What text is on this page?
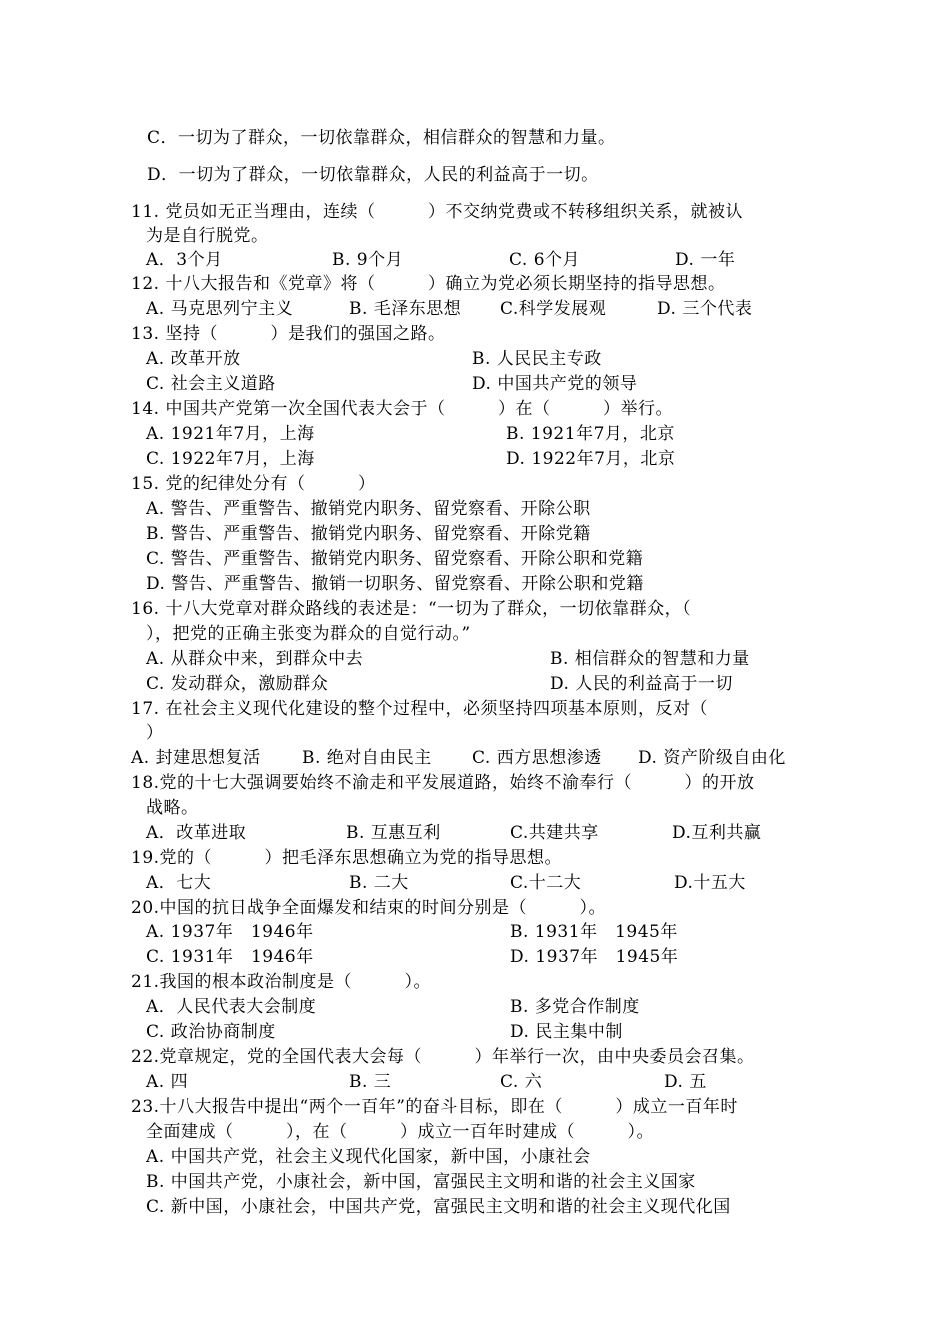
C．一切为了群众，一切依靠群众，相信群众的智慧和力量。
D．一切为了群众，一切依靠群众，人民的利益高于一切。
11. 党员如无正当理由，连续（　　　）不交纳党费或不转移组织关系，就被认
为是自行脱党。
A．3个月	B. 9个月	C. 6个月	D. 一年
12. 十八大报告和《党章》将（　　　）确立为党必须长期坚持的指导思想。
A. 马克思列宁主义	B. 毛泽东思想 C.科学发展观	D. 三个代表
13. 坚持（　　　）是我们的强国之路。
A. 改革开放	B. 人民民主专政
C. 社会主义道路	D. 中国共产党的领导
14. 中国共产党第一次全国代表大会于（　　　）在（　　　）举行。
A. 1921年7月，上海	B. 1921年7月，北京
C. 1922年7月，上海	D. 1922年7月，北京
15. 党的纪律处分有（　　　）
A. 警告、严重警告、撤销党内职务、留党察看、开除公职
B. 警告、严重警告、撤销党内职务、留党察看、开除党籍
C. 警告、严重警告、撤销党内职务、留党察看、开除公职和党籍
D. 警告、严重警告、撤销一切职务、留党察看、开除公职和党籍
16. 十八大党章对群众路线的表述是：“一切为了群众，一切依靠群众，（
），把党的正确主张变为群众的自觉行动。”
A. 从群众中来，到群众中去	B. 相信群众的智慧和力量
C. 发动群众，激励群众	D. 人民的利益高于一切
17. 在社会主义现代化建设的整个过程中，必须坚持四项基本原则，反对（
）
A. 封建思想复活 B. 绝对自由民主 C. 西方思想渗透 D. 资产阶级自由化
18.党的十七大强调要始终不渝走和平发展道路，始终不渝奉行（　　　）的开放
战略。
A．改革进取	B. 互惠互利	C.共建共享	D.互利共赢
19.党的（　　　）把毛泽东思想确立为党的指导思想。
A．七大	B. 二大	C.十二大	D.十五大
20.中国的抗日战争全面爆发和结束的时间分别是（　　　）。
A. 1937年　1946年	B. 1931年　1945年
C. 1931年　1946年	D. 1937年　1945年
21.我国的根本政治制度是（　　　）。
A．人民代表大会制度	B. 多党合作制度
C. 政治协商制度	D. 民主集中制
22.党章规定，党的全国代表大会每（　　　）年举行一次，由中央委员会召集。
A. 四	B. 三	C. 六	D. 五
23.十八大报告中提出“两个一百年”的奋斗目标，即在（　　　）成立一百年时
全面建成（　　　），在（　　　）成立一百年时建成（　　　）。
A. 中国共产党，社会主义现代化国家，新中国，小康社会
B. 中国共产党，小康社会，新中国，富强民主文明和谐的社会主义国家
C. 新中国，小康社会，中国共产党，富强民主文明和谐的社会主义现代化国
